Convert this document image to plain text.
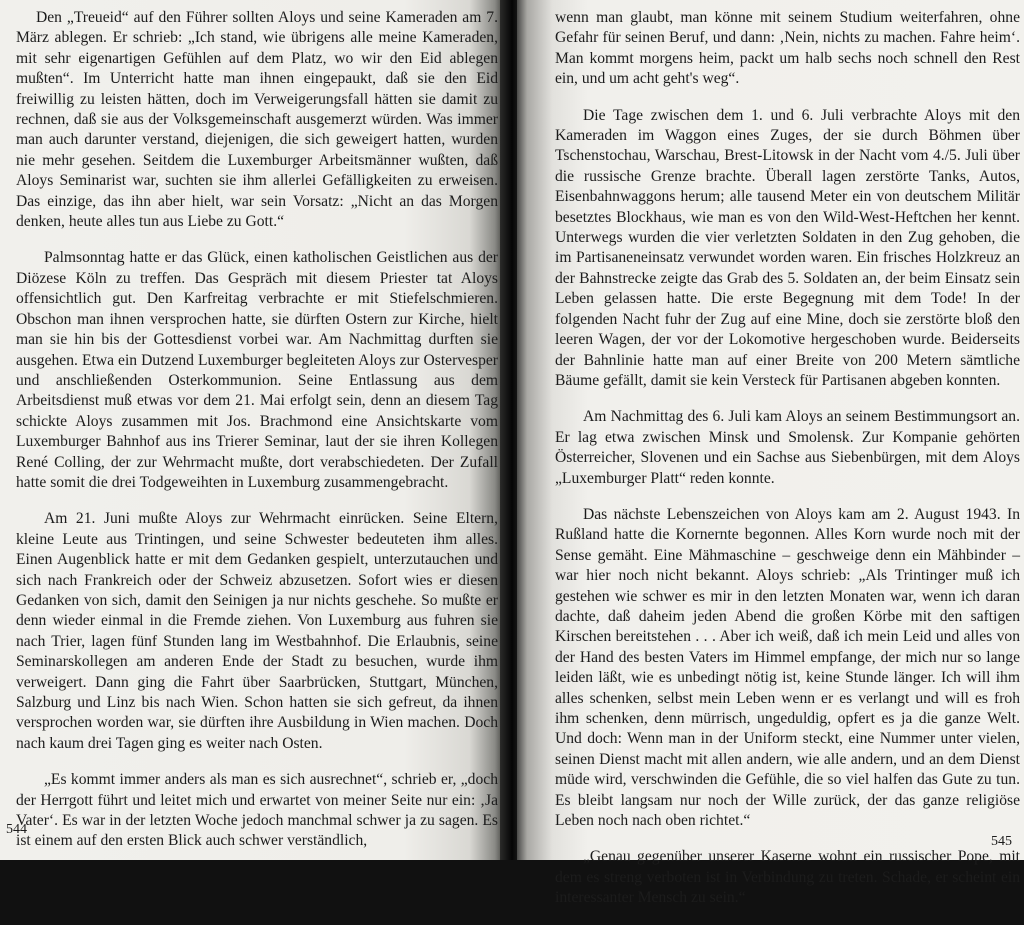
Den „Treueid“ auf den Führer sollten Aloys und seine Kameraden am 7. März ablegen. Er schrieb: „Ich stand, wie übrigens alle meine Kameraden, mit sehr eigenartigen Gefühlen auf dem Platz, wo wir den Eid ablegen mußten“. Im Unterricht hatte man ihnen eingepaukt, daß sie den Eid freiwillig zu leisten hätten, doch im Verweigerungsfall hätten sie damit zu rechnen, daß sie aus der Volksgemeinschaft ausgemerzt würden. Was immer man auch darunter verstand, diejenigen, die sich geweigert hatten, wurden nie mehr gesehen. Seitdem die Luxemburger Arbeitsmänner wußten, daß Aloys Seminarist war, suchten sie ihm allerlei Gefälligkeiten zu erweisen. Das einzige, das ihn aber hielt, war sein Vorsatz: „Nicht an das Morgen denken, heute alles tun aus Liebe zu Gott.“

Palmsonntag hatte er das Glück, einen katholischen Geistlichen aus der Diözese Köln zu treffen. Das Gespräch mit diesem Priester tat Aloys offensichtlich gut. Den Karfreitag verbrachte er mit Stiefelschmieren. Obschon man ihnen versprochen hatte, sie dürften Ostern zur Kirche, hielt man sie hin bis der Gottesdienst vorbei war. Am Nachmittag durften sie ausgehen. Etwa ein Dutzend Luxemburger begleiteten Aloys zur Ostervesper und anschließenden Osterkommunion. Seine Entlassung aus dem Arbeitsdienst muß etwas vor dem 21. Mai erfolgt sein, denn an diesem Tag schickte Aloys zusammen mit Jos. Brachmond eine Ansichtskarte vom Luxemburger Bahnhof aus ins Trierer Seminar, laut der sie ihren Kollegen René Colling, der zur Wehrmacht mußte, dort verabschiedeten. Der Zufall hatte somit die drei Todgeweihten in Luxemburg zusammengebracht.

Am 21. Juni mußte Aloys zur Wehrmacht einrücken. Seine Eltern, kleine Leute aus Trintingen, und seine Schwester bedeuteten ihm alles. Einen Augenblick hatte er mit dem Gedanken gespielt, unterzutauchen und sich nach Frankreich oder der Schweiz abzusetzen. Sofort wies er diesen Gedanken von sich, damit den Seinigen ja nur nichts geschehe. So mußte er denn wieder einmal in die Fremde ziehen. Von Luxemburg aus fuhren sie nach Trier, lagen fünf Stunden lang im Westbahnhof. Die Erlaubnis, seine Seminarskollegen am anderen Ende der Stadt zu besuchen, wurde ihm verweigert. Dann ging die Fahrt über Saarbrücken, Stuttgart, München, Salzburg und Linz bis nach Wien. Schon hatten sie sich gefreut, da ihnen versprochen worden war, sie dürften ihre Ausbildung in Wien machen. Doch nach kaum drei Tagen ging es weiter nach Osten.

„Es kommt immer anders als man es sich ausrechnet“, schrieb er, „doch der Herrgott führt und leitet mich und erwartet von meiner Seite nur ein: ‚Ja Vater‘. Es war in der letzten Woche jedoch manchmal schwer ja zu sagen. Es ist einem auf den ersten Blick auch schwer verständlich,

544

wenn man glaubt, man könne mit seinem Studium weiterfahren, ohne Gefahr für seinen Beruf, und dann: ‚Nein, nichts zu machen. Fahre heim‘. Man kommt morgens heim, packt um halb sechs noch schnell den Rest ein, und um acht geht's weg“.

Die Tage zwischen dem 1. und 6. Juli verbrachte Aloys mit den Kameraden im Waggon eines Zuges, der sie durch Böhmen über Tschenstochau, Warschau, Brest-Litowsk in der Nacht vom 4./5. Juli über die russische Grenze brachte. Überall lagen zerstörte Tanks, Autos, Eisenbahnwaggons herum; alle tausend Meter ein von deutschem Militär besetztes Blockhaus, wie man es von den Wild-West-Heftchen her kennt. Unterwegs wurden die vier verletzten Soldaten in den Zug gehoben, die im Partisaneneinsatz verwundet worden waren. Ein frisches Holzkreuz an der Bahnstrecke zeigte das Grab des 5. Soldaten an, der beim Einsatz sein Leben gelassen hatte. Die erste Begegnung mit dem Tode! In der folgenden Nacht fuhr der Zug auf eine Mine, doch sie zerstörte bloß den leeren Wagen, der vor der Lokomotive hergeschoben wurde. Beiderseits der Bahnlinie hatte man auf einer Breite von 200 Metern sämtliche Bäume gefällt, damit sie kein Versteck für Partisanen abgeben konnten.

Am Nachmittag des 6. Juli kam Aloys an seinem Bestimmungsort an. Er lag etwa zwischen Minsk und Smolensk. Zur Kompanie gehörten Österreicher, Slovenen und ein Sachse aus Siebenbürgen, mit dem Aloys „Luxemburger Platt“ reden konnte.

Das nächste Lebenszeichen von Aloys kam am 2. August 1943. In Rußland hatte die Kornernte begonnen. Alles Korn wurde noch mit der Sense gemäht. Eine Mähmaschine – geschweige denn ein Mähbinder – war hier noch nicht bekannt. Aloys schrieb: „Als Trintinger muß ich gestehen wie schwer es mir in den letzten Monaten war, wenn ich daran dachte, daß daheim jeden Abend die großen Körbe mit den saftigen Kirschen bereitstehen . . . Aber ich weiß, daß ich mein Leid und alles von der Hand des besten Vaters im Himmel empfange, der mich nur so lange leiden läßt, wie es unbedingt nötig ist, keine Stunde länger. Ich will ihm alles schenken, selbst mein Leben wenn er es verlangt und will es froh ihm schenken, denn mürrisch, ungeduldig, opfert es ja die ganze Welt. Und doch: Wenn man in der Uniform steckt, eine Nummer unter vielen, seinen Dienst macht mit allen andern, wie alle andern, und an dem Dienst müde wird, verschwinden die Gefühle, die so viel halfen das Gute zu tun. Es bleibt langsam nur noch der Wille zurück, der das ganze religiöse Leben noch nach oben richtet.“

„Genau gegenüber unserer Kaserne wohnt ein russischer Pope, mit dem es streng verboten ist in Verbindung zu treten. Schade, er scheint ein interessanter Mensch zu sein.“

545
